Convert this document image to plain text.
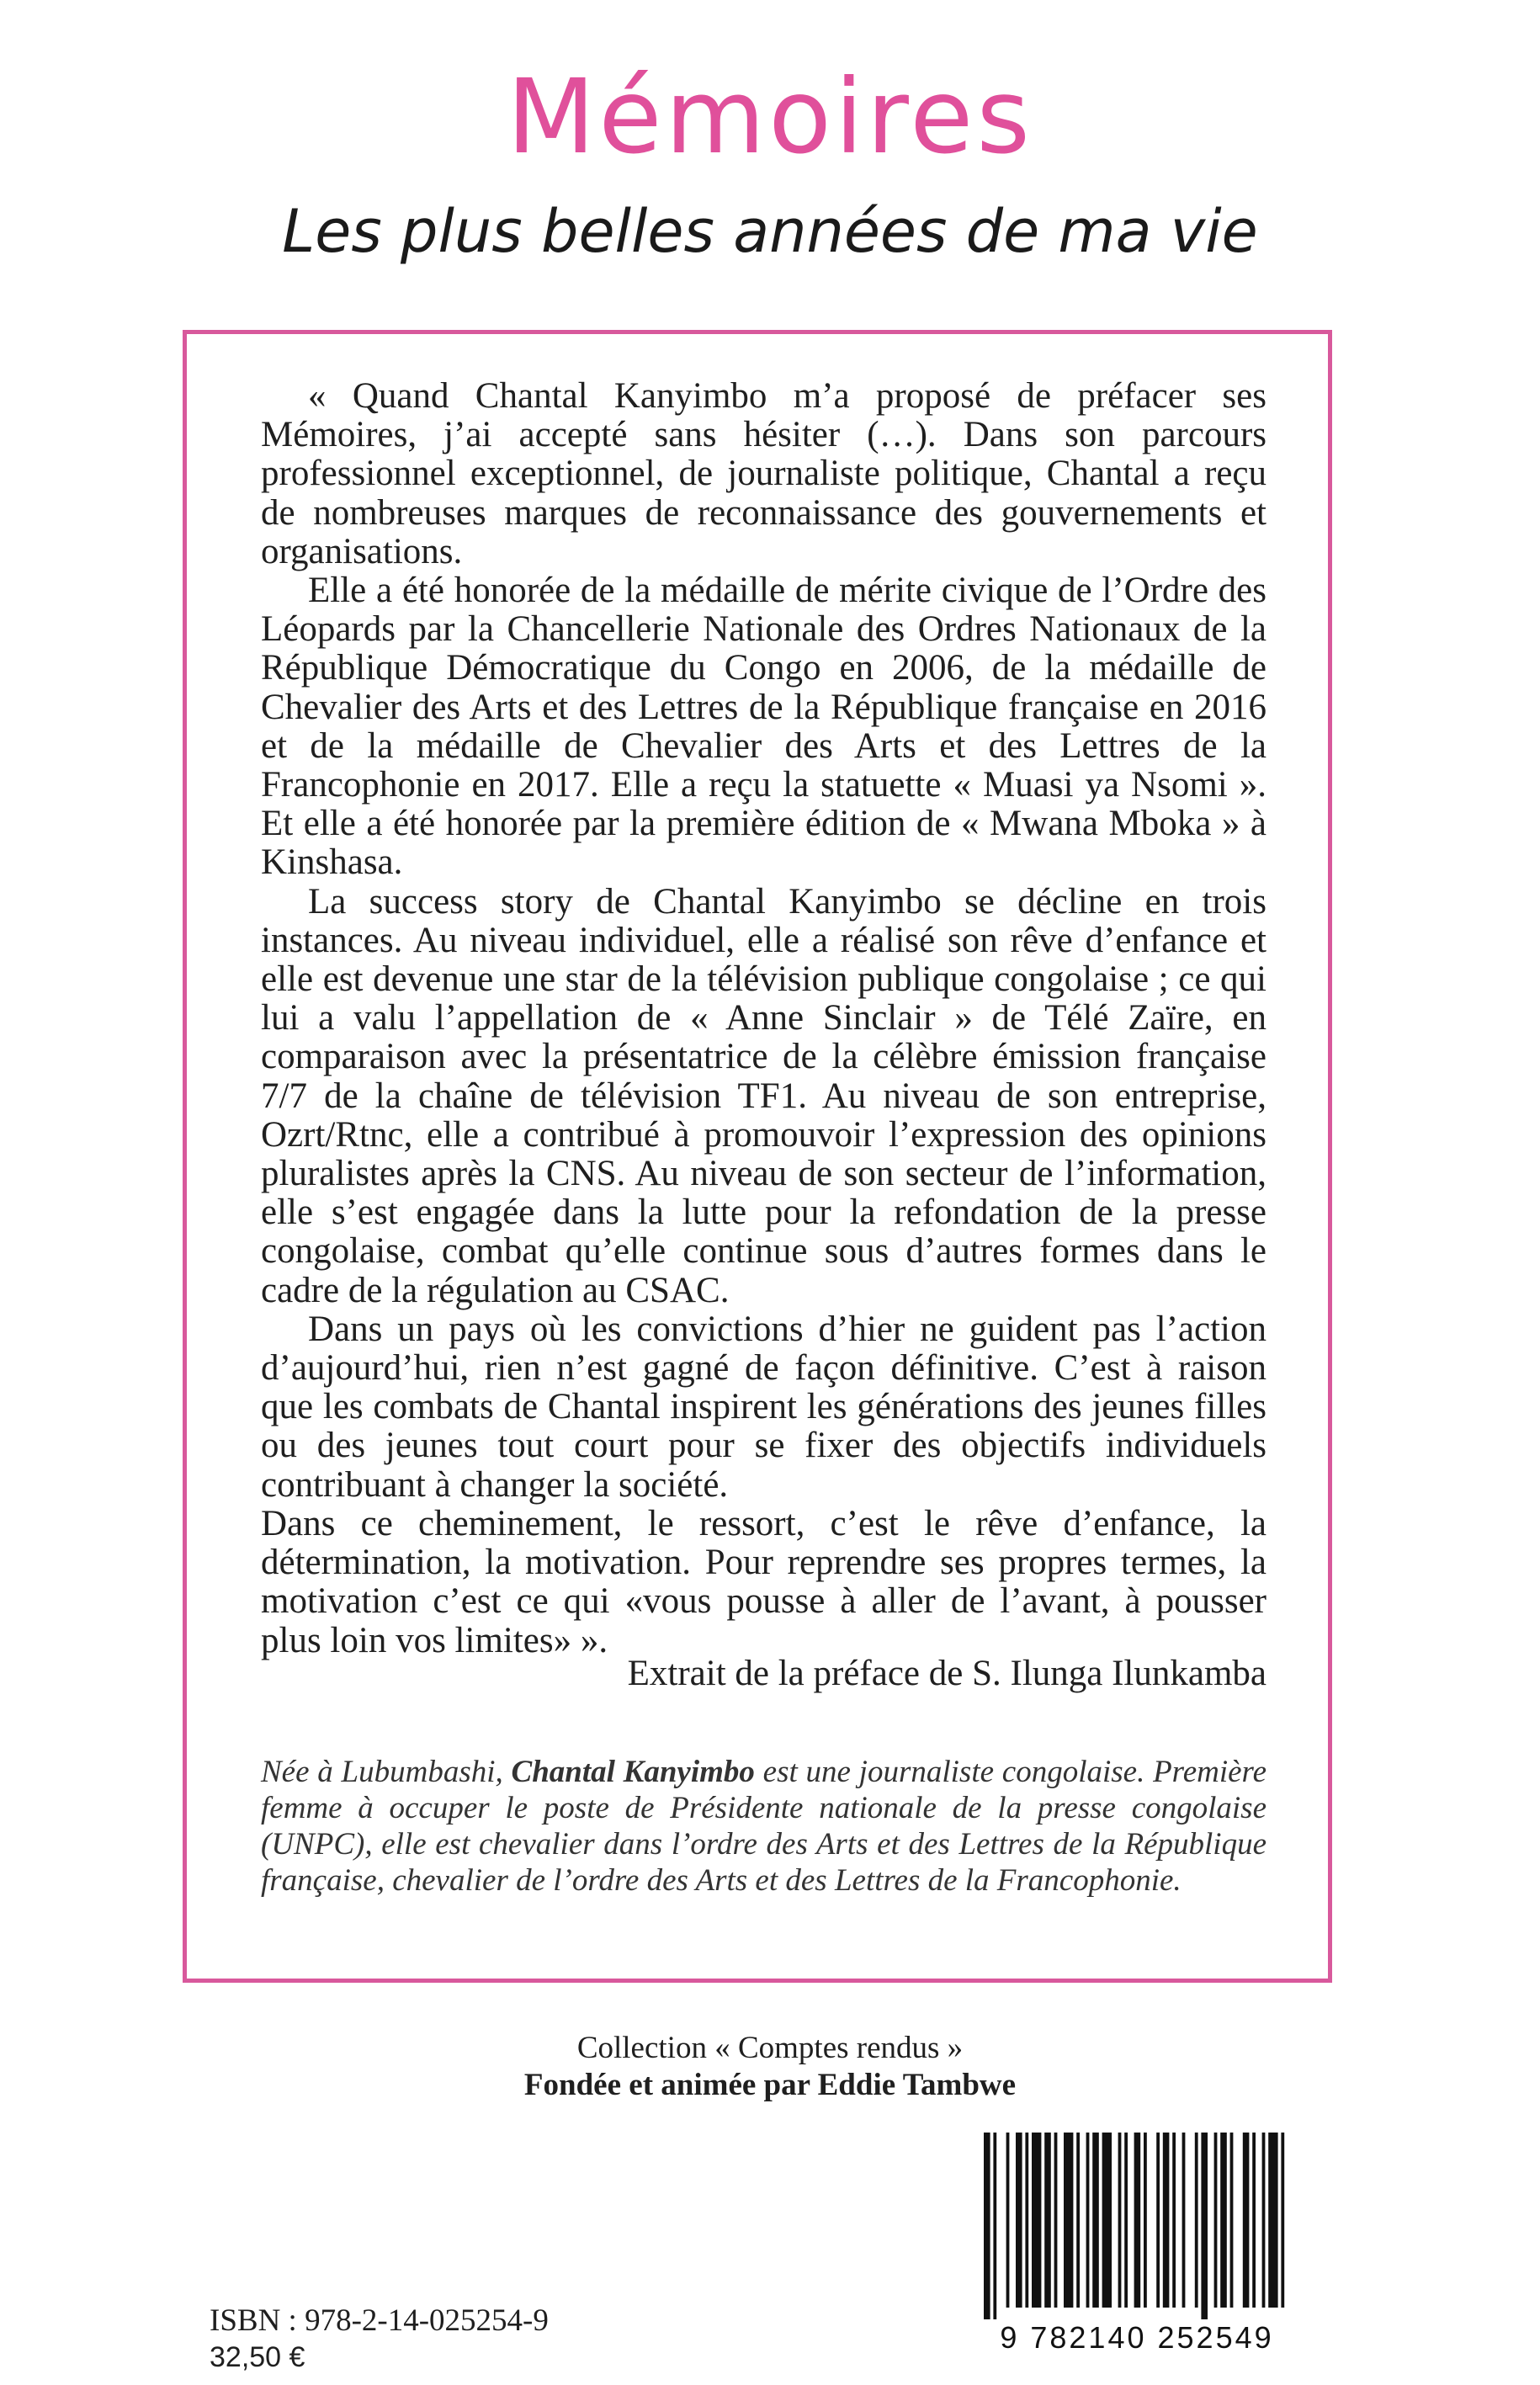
Mémoires
Les plus belles années de ma vie

« Quand Chantal Kanyimbo m’a proposé de préfacer ses Mémoires, j’ai accepté sans hésiter (…). Dans son parcours professionnel exceptionnel, de journaliste politique, Chantal a reçu de nombreuses marques de reconnaissance des gouvernements et organisations.

Elle a été honorée de la médaille de mérite civique de l’Ordre des Léopards par la Chancellerie Nationale des Ordres Nationaux de la République Démocratique du Congo en 2006, de la médaille de Chevalier des Arts et des Lettres de la République française en 2016 et de la médaille de Chevalier des Arts et des Lettres de la Francophonie en 2017. Elle a reçu la statuette « Muasi ya Nsomi ». Et elle a été honorée par la première édition de « Mwana Mboka » à Kinshasa.

La success story de Chantal Kanyimbo se décline en trois instances. Au niveau individuel, elle a réalisé son rêve d’enfance et elle est devenue une star de la télévision publique congolaise ; ce qui lui a valu l’appellation de « Anne Sinclair » de Télé Zaïre, en comparaison avec la présentatrice de la célèbre émission française 7/7 de la chaîne de télévision TF1. Au niveau de son entreprise, Ozrt/Rtnc, elle a contribué à promouvoir l’expression des opinions pluralistes après la CNS. Au niveau de son secteur de l’information, elle s’est engagée dans la lutte pour la refondation de la presse congolaise, combat qu’elle continue sous d’autres formes dans le cadre de la régulation au CSAC.

Dans un pays où les convictions d’hier ne guident pas l’action d’aujourd’hui, rien n’est gagné de façon définitive. C’est à raison que les combats de Chantal inspirent les générations des jeunes filles ou des jeunes tout court pour se fixer des objectifs individuels contribuant à changer la société.

Dans ce cheminement, le ressort, c’est le rêve d’enfance, la détermination, la motivation. Pour reprendre ses propres termes, la motivation c’est ce qui «vous pousse à aller de l’avant, à pousser plus loin vos limites» ».

Extrait de la préface de S. Ilunga Ilunkamba
Née à Lubumbashi, Chantal Kanyimbo est une journaliste congolaise. Première femme à occuper le poste de Présidente nationale de la presse congolaise (UNPC), elle est chevalier dans l’ordre des Arts et des Lettres de la République française, chevalier de l’ordre des Arts et des Lettres de la Francophonie.
Collection « Comptes rendus »
Fondée et animée par Eddie Tambwe
ISBN : 978-2-14-025254-9
32,50 €
9 782140 252549
